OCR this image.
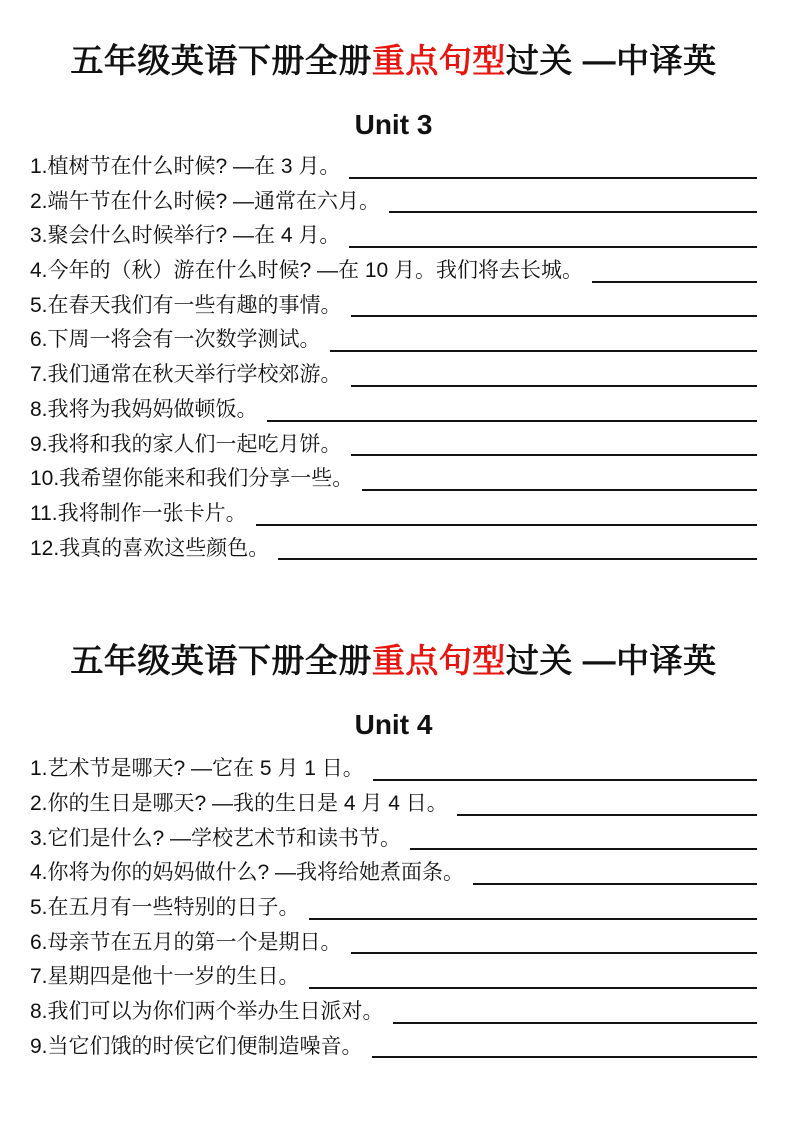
五年级英语下册全册重点句型过关 —中译英
Unit 3
1.植树节在什么时候? —在 3 月。
2.端午节在什么时候? —通常在六月。
3.聚会什么时候举行? —在 4 月。
4.今年的（秋）游在什么时候? —在 10 月。我们将去长城。
5.在春天我们有一些有趣的事情。
6.下周一将会有一次数学测试。
7.我们通常在秋天举行学校郊游。
8.我将为我妈妈做顿饭。
9.我将和我的家人们一起吃月饼。
10.我希望你能来和我们分享一些。
11.我将制作一张卡片。
12.我真的喜欢这些颜色。
五年级英语下册全册重点句型过关 —中译英
Unit 4
1.艺术节是哪天? —它在 5 月 1 日。
2.你的生日是哪天? —我的生日是 4 月 4 日。
3.它们是什么? —学校艺术节和读书节。
4.你将为你的妈妈做什么? —我将给她煮面条。
5.在五月有一些特别的日子。
6.母亲节在五月的第一个是期日。
7.星期四是他十一岁的生日。
8.我们可以为你们两个举办生日派对。
9.当它们饿的时侯它们便制造噪音。
